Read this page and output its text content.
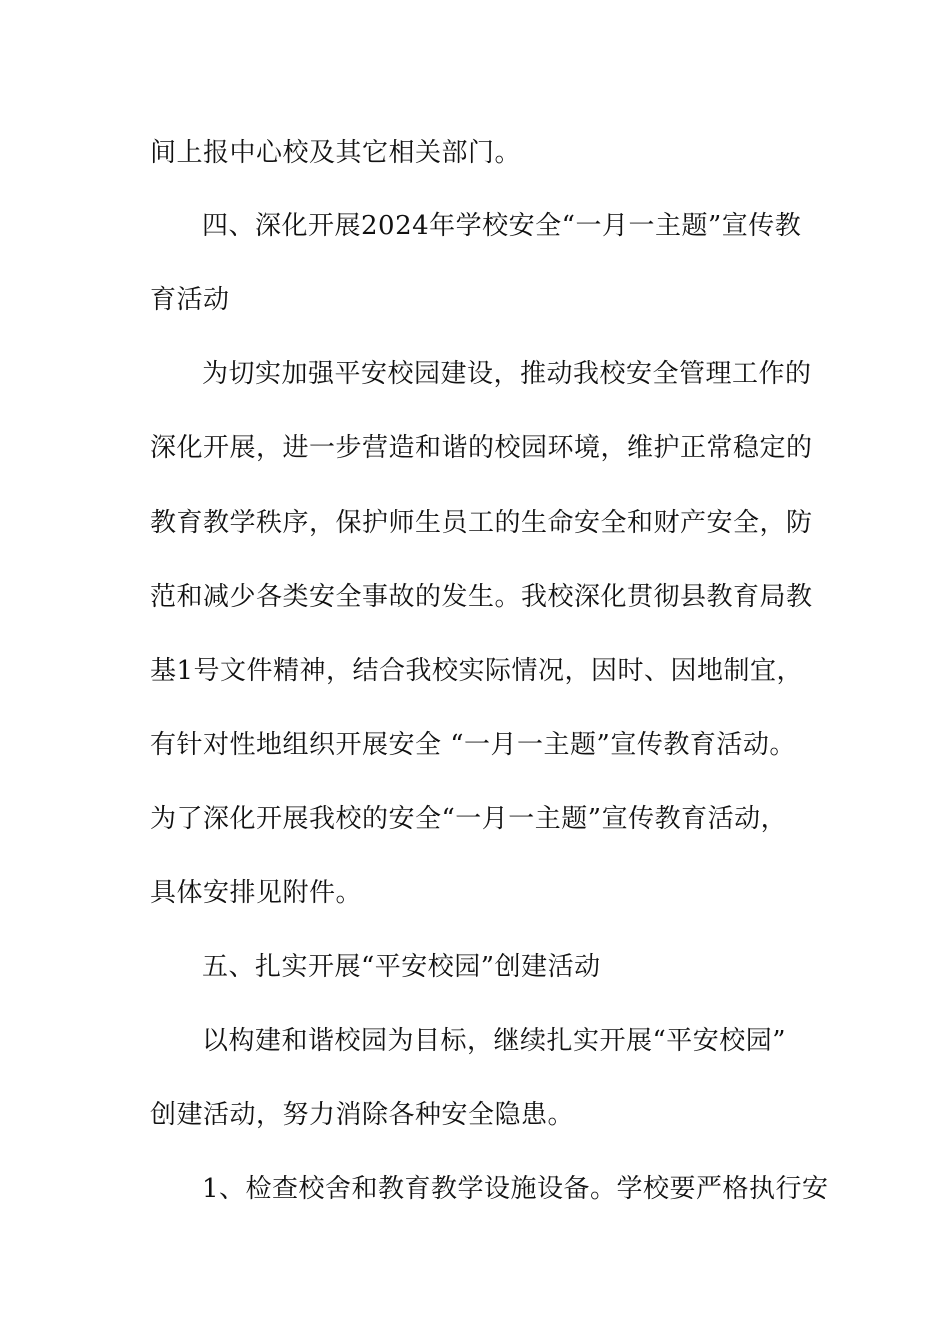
间上报中心校及其它相关部门。
四、深化开展2024年学校安全“一月一主题”宣传教
育活动
为切实加强平安校园建设，推动我校安全管理工作的
深化开展，进一步营造和谐的校园环境，维护正常稳定的
教育教学秩序，保护师生员工的生命安全和财产安全，防
范和减少各类安全事故的发生。我校深化贯彻县教育局教
基1号文件精神，结合我校实际情况，因时、因地制宜，
有针对性地组织开展安全 “一月一主题”宣传教育活动。
为了深化开展我校的安全“一月一主题”宣传教育活动，
具体安排见附件。
五、扎实开展“平安校园”创建活动
以构建和谐校园为目标，继续扎实开展“平安校园”
创建活动，努力消除各种安全隐患。
1、检查校舍和教育教学设施设备。学校要严格执行安
